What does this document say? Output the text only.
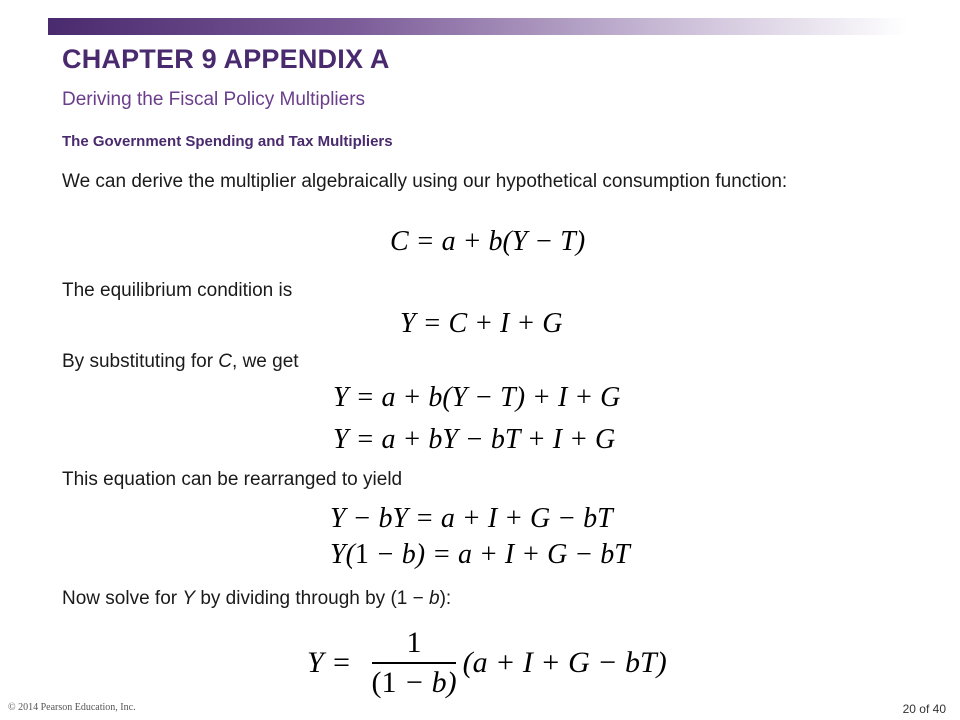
CHAPTER 9 APPENDIX A
Deriving the Fiscal Policy Multipliers
The Government Spending and Tax Multipliers
We can derive the multiplier algebraically using our hypothetical consumption function:
C = a + b(Y − T)
The equilibrium condition is
Y = C + I + G
By substituting for C, we get
Y = a + b(Y − T) + I + G
Y = a + bY − bT + I + G
This equation can be rearranged to yield
Y − bY = a + I + G − bT
Y(1 − b) = a + I + G − bT
Now solve for Y by dividing through by (1 − b):
$Y = \frac{1}{(1 - b)} (a + I + G - bT)$
© 2014 Pearson Education, Inc.	20 of 40
